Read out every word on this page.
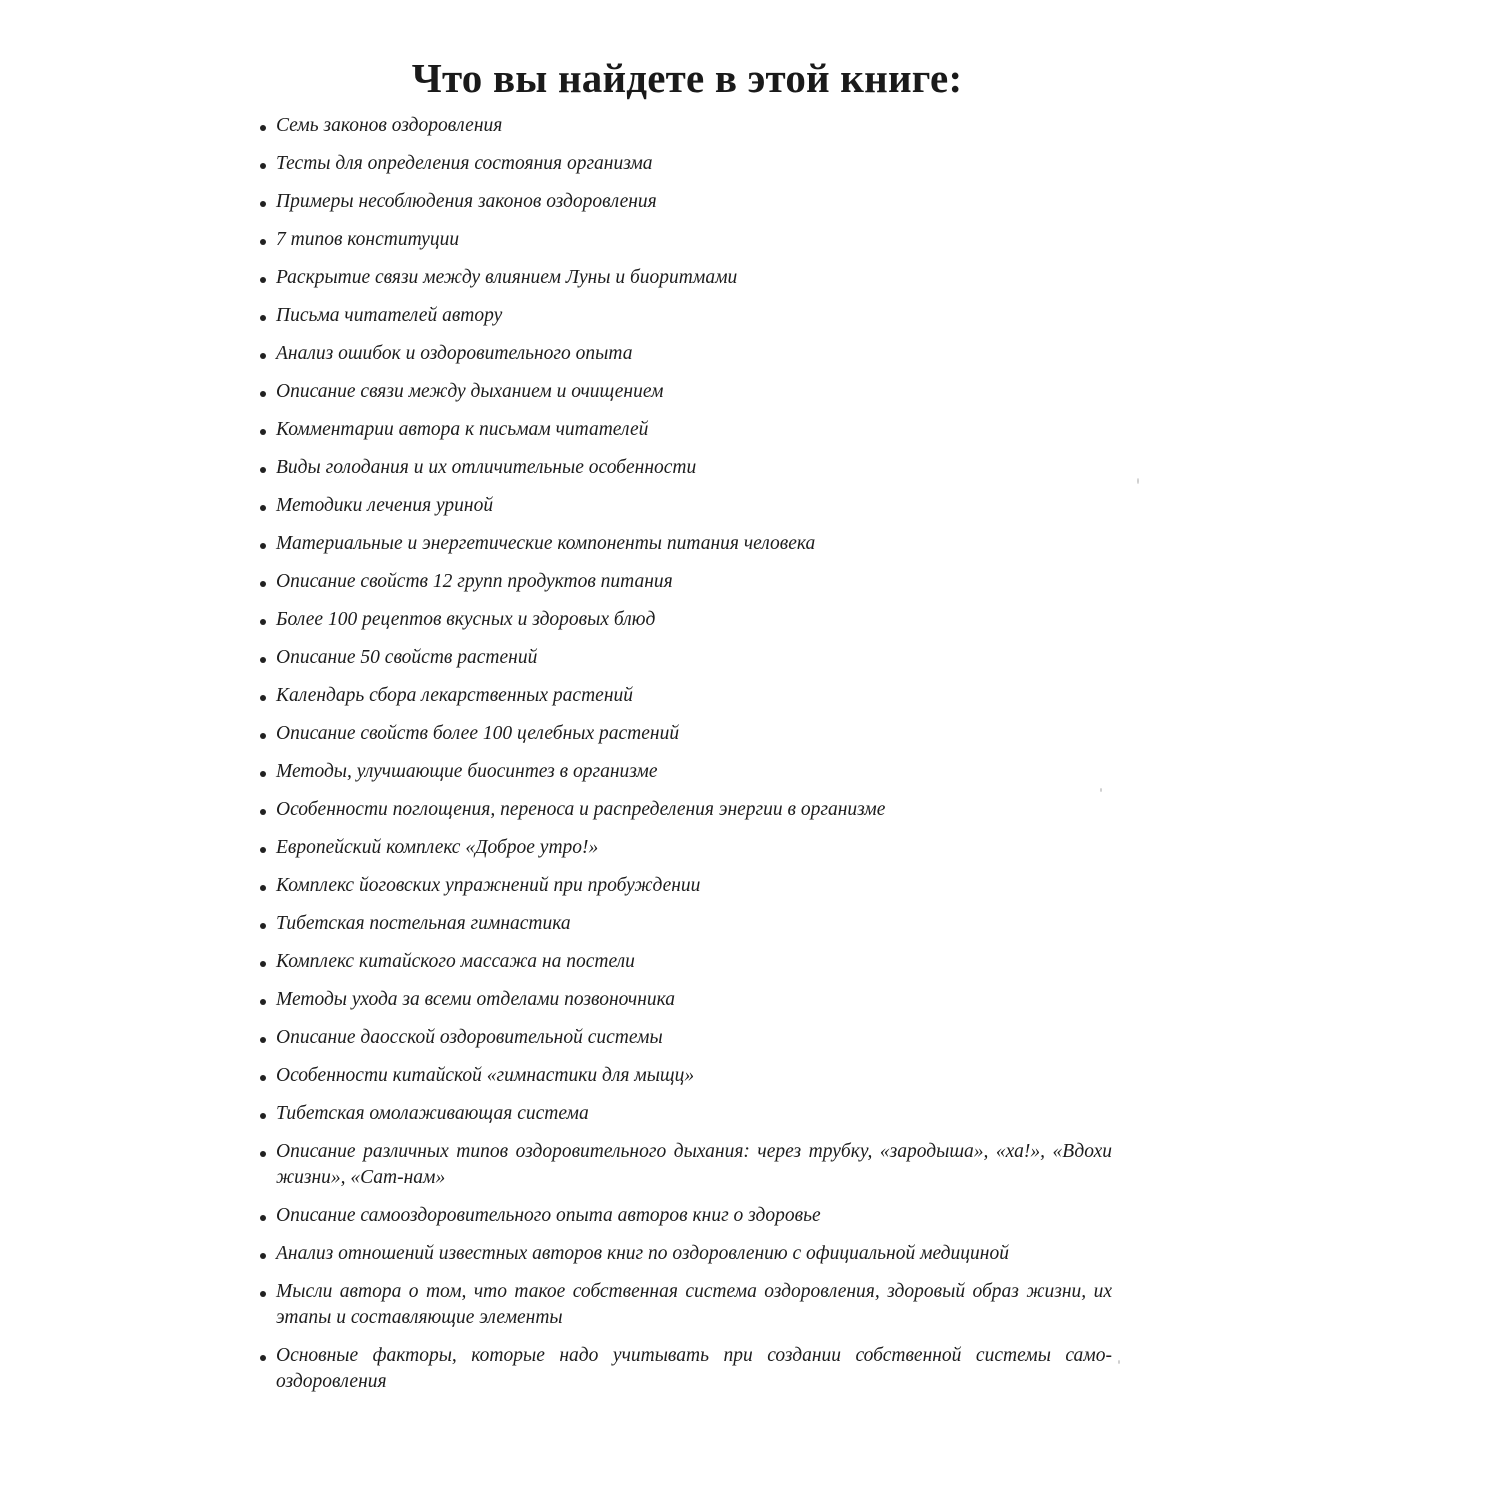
Что вы найдете в этой книге:
Семь законов оздоровления
Тесты для определения состояния организма
Примеры несоблюдения законов оздоровления
7 типов конституции
Раскрытие связи между влиянием Луны и биоритмами
Письма читателей автору
Анализ ошибок и оздоровительного опыта
Описание связи между дыханием и очищением
Комментарии автора к письмам читателей
Виды голодания и их отличительные особенности
Методики лечения уриной
Материальные и энергетические компоненты питания человека
Описание свойств 12 групп продуктов питания
Более 100 рецептов вкусных и здоровых блюд
Описание 50 свойств растений
Календарь сбора лекарственных растений
Описание свойств более 100 целебных растений
Методы, улучшающие биосинтез в организме
Особенности поглощения, переноса и распределения энергии в организме
Европейский комплекс «Доброе утро!»
Комплекс йоговских упражнений при пробуждении
Тибетская постельная гимнастика
Комплекс китайского массажа на постели
Методы ухода за всеми отделами позвоночника
Описание даосской оздоровительной системы
Особенности китайской «гимнастики для мыщц»
Тибетская омолаживающая система
Описание различных типов оздоровительного дыхания: через трубку, «зародыша», «ха!», «Вдохи жизни», «Сат-нам»
Описание самооздоровительного опыта авторов книг о здоровье
Анализ отношений известных авторов книг по оздоровлению с официальной медициной
Мысли автора о том, что такое собственная система оздоровления, здоровый образ жизни, их этапы и составляющие элементы
Основные факторы, которые надо учитывать при создании собственной системы само-оздоровления
